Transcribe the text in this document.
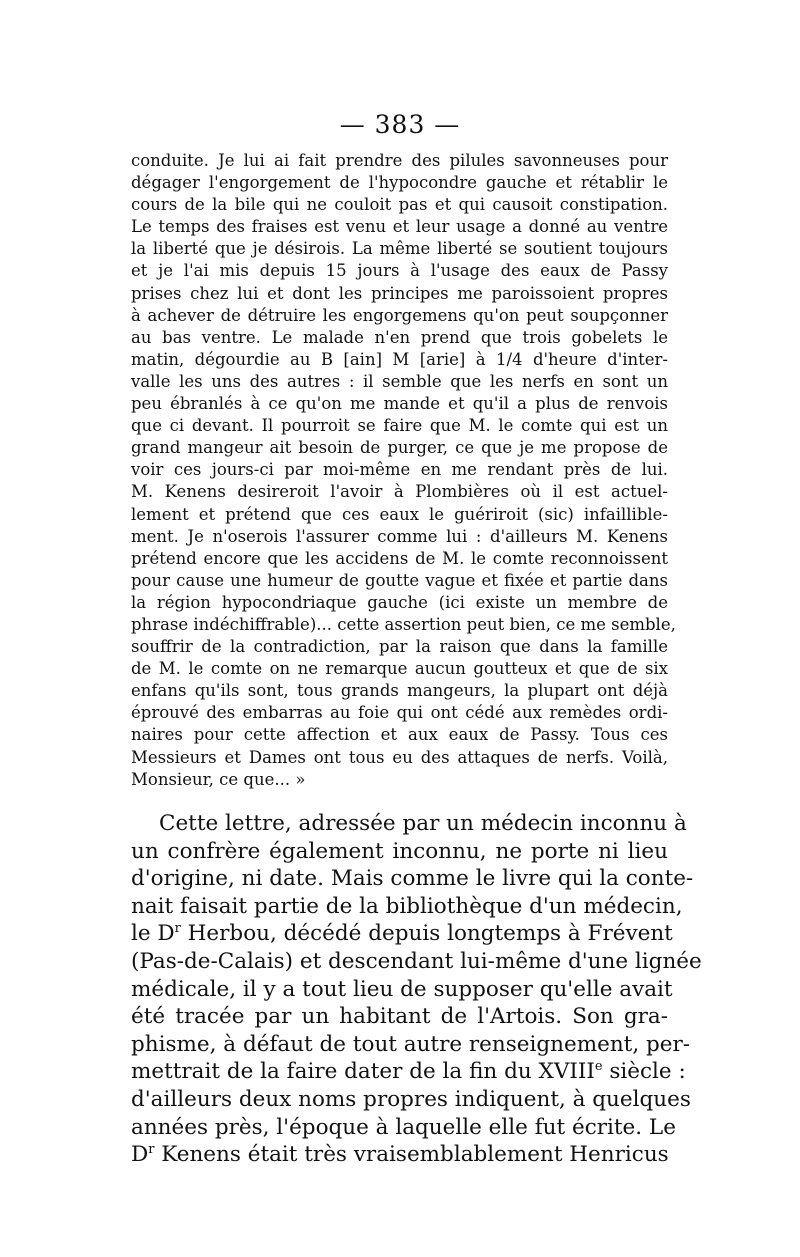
— 383 —
conduite. Je lui ai fait prendre des pilules savonneuses pour
dégager l'engorgement de l'hypocondre gauche et rétablir le
cours de la bile qui ne couloit pas et qui causoit constipation.
Le temps des fraises est venu et leur usage a donné au ventre
la liberté que je désirois. La même liberté se soutient toujours
et je l'ai mis depuis 15 jours à l'usage des eaux de Passy
prises chez lui et dont les principes me paroissoient propres
à achever de détruire les engorgemens qu'on peut soupçonner
au bas ventre. Le malade n'en prend que trois gobelets le
matin, dégourdie au B [ain] M [arie] à 1/4 d'heure d'inter-
valle les uns des autres : il semble que les nerfs en sont un
peu ébranlés à ce qu'on me mande et qu'il a plus de renvois
que ci devant. Il pourroit se faire que M. le comte qui est un
grand mangeur ait besoin de purger, ce que je me propose de
voir ces jours-ci par moi-même en me rendant près de lui.
M. Kenens desireroit l'avoir à Plombières où il est actuel-
lement et prétend que ces eaux le guériroit (sic) infaillible-
ment. Je n'oserois l'assurer comme lui : d'ailleurs M. Kenens
prétend encore que les accidens de M. le comte reconnoissent
pour cause une humeur de goutte vague et fixée et partie dans
la région hypocondriaque gauche (ici existe un membre de
phrase indéchiffrable)... cette assertion peut bien, ce me semble,
souffrir de la contradiction, par la raison que dans la famille
de M. le comte on ne remarque aucun goutteux et que de six
enfans qu'ils sont, tous grands mangeurs, la plupart ont déjà
éprouvé des embarras au foie qui ont cédé aux remèdes ordi-
naires pour cette affection et aux eaux de Passy. Tous ces
Messieurs et Dames ont tous eu des attaques de nerfs. Voilà,
Monsieur, ce que... »
Cette lettre, adressée par un médecin inconnu à
un confrère également inconnu, ne porte ni lieu
d'origine, ni date. Mais comme le livre qui la conte-
nait faisait partie de la bibliothèque d'un médecin,
le $D^r$ Herbou, décédé depuis longtemps à Frévent
(Pas-de-Calais) et descendant lui-même d'une lignée
médicale, il y a tout lieu de supposer qu'elle avait
été tracée par un habitant de l'Artois. Son gra-
phisme, à défaut de tout autre renseignement, per-
mettrait de la faire dater de la fin du XVIIIe siècle :
d'ailleurs deux noms propres indiquent, à quelques
années près, l'époque à laquelle elle fut écrite. Le
$D^r$ Kenens était très vraisemblablement Henricus
